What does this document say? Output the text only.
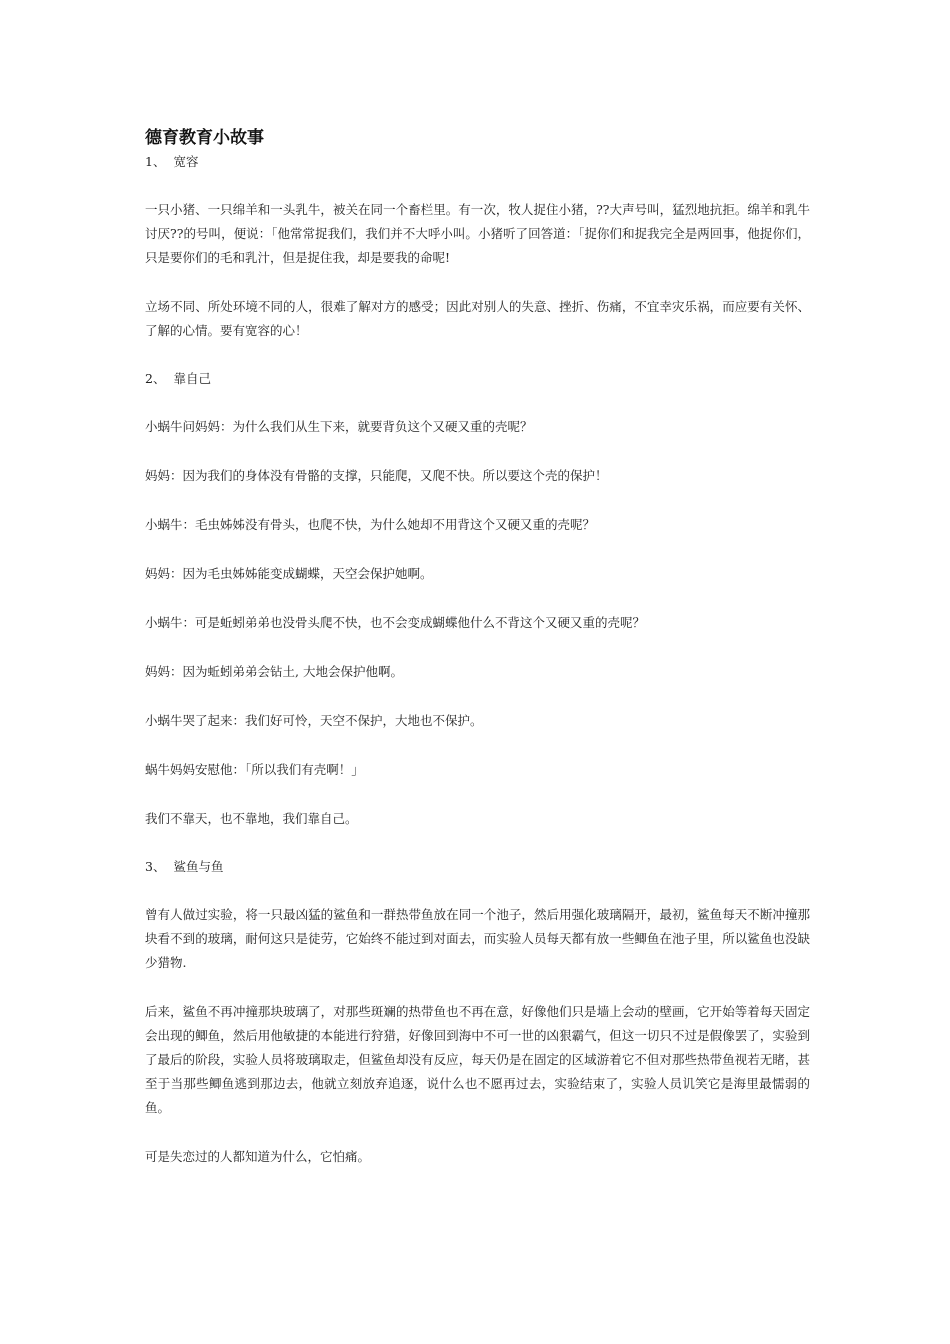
德育教育小故事

1、 宽容

一只小猪、一只绵羊和一头乳牛，被关在同一个畜栏里。有一次，牧人捉住小猪，??大声号叫，猛烈地抗拒。绵羊和乳牛讨厌??的号叫，便说：「他常常捉我们，我们并不大呼小叫。小猪听了回答道：「捉你们和捉我完全是两回事，他捉你们，只是要你们的毛和乳汁，但是捉住我，却是要我的命呢!

立场不同、所处环境不同的人，很难了解对方的感受；因此对别人的失意、挫折、伤痛，不宜幸灾乐祸，而应要有关怀、了解的心情。要有宽容的心！

2、 靠自己

小蜗牛问妈妈：为什么我们从生下来，就要背负这个又硬又重的壳呢？

妈妈：因为我们的身体没有骨骼的支撑，只能爬，又爬不快。所以要这个壳的保护！

小蜗牛：毛虫姊姊没有骨头，也爬不快，为什么她却不用背这个又硬又重的壳呢？

妈妈：因为毛虫姊姊能变成蝴蝶，天空会保护她啊。

小蜗牛：可是蚯蚓弟弟也没骨头爬不快，也不会变成蝴蝶他什么不背这个又硬又重的壳呢？

妈妈：因为蚯蚓弟弟会钻土, 大地会保护他啊。

小蜗牛哭了起来：我们好可怜，天空不保护，大地也不保护。

蜗牛妈妈安慰他：「所以我们有壳啊！」

我们不靠天，也不靠地，我们靠自己。

3、 鲨鱼与鱼

曾有人做过实验，将一只最凶猛的鲨鱼和一群热带鱼放在同一个池子，然后用强化玻璃隔开，最初，鲨鱼每天不断冲撞那块看不到的玻璃，耐何这只是徒劳，它始终不能过到对面去，而实验人员每天都有放一些鲫鱼在池子里，所以鲨鱼也没缺少猎物.

后来，鲨鱼不再冲撞那块玻璃了，对那些斑斓的热带鱼也不再在意，好像他们只是墙上会动的壁画，它开始等着每天固定会出现的鲫鱼，然后用他敏捷的本能进行狩猎，好像回到海中不可一世的凶狠霸气，但这一切只不过是假像罢了，实验到了最后的阶段，实验人员将玻璃取走，但鲨鱼却没有反应，每天仍是在固定的区域游着它不但对那些热带鱼视若无睹，甚至于当那些鲫鱼逃到那边去，他就立刻放弃追逐，说什么也不愿再过去，实验结束了，实验人员讥笑它是海里最懦弱的鱼。

可是失恋过的人都知道为什么，它怕痛。
